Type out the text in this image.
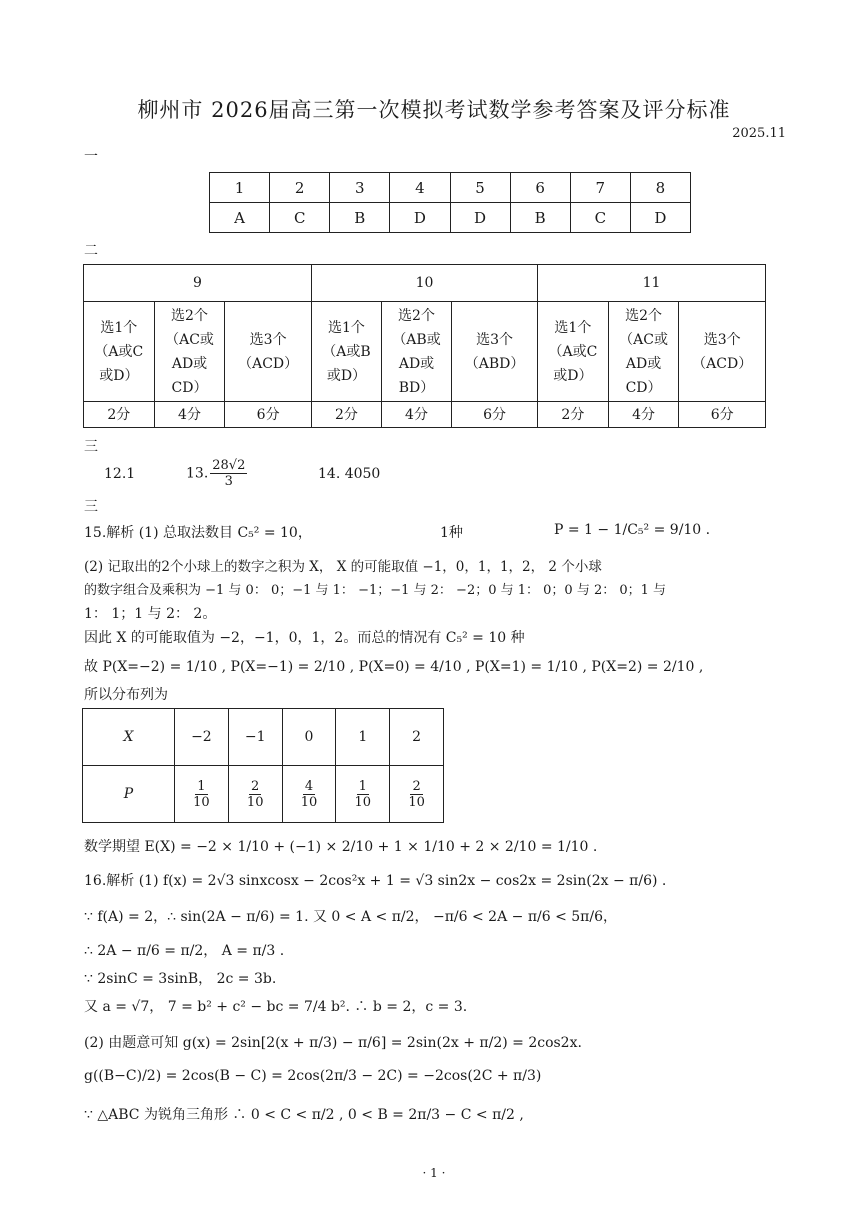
柳州市 2026届高三第一次模拟考试数学参考答案及评分标准
2025.11
一
1	2	3	4	5	6	7	8
A	C	B	D	D	B	C	D
二
9			10			11		
选1个
（A或C
或D）	选2个
（AC或
AD或
CD）	选3个
（ACD）	选1个
（A或B
或D）	选2个
（AB或
AD或
BD）	选3个
（ABD）	选1个
（A或C
或D）	选2个
（AC或
AD或
CD）	选3个
（ACD）
2分	4分	6分	2分	4分	6分	2分	4分	6分
三
12.1	13. $\frac{28√2}{3}$	14. 4050
三
15.解析 (1) 总取法数目 C₅² = 10，	1种	P = 1 − 1/C₅² = 9/10 .
(2) 记取出的2个小球上的数字之积为 X， X 的可能取值 −1，0，1，1，2， 2 个小球
的数字组合及乘积为 −1 与 0： 0；−1 与 1： −1；−1 与 2： −2；0 与 1： 0；0 与 2： 0；1 与
1： 1；1 与 2： 2。
因此 X 的可能取值为 −2，−1，0，1，2。而总的情况有 C₅² = 10 种
故 P(X=−2) = 1/10 , P(X=−1) = 2/10 , P(X=0) = 4/10 , P(X=1) = 1/10 , P(X=2) = 2/10 ,
所以分布列为
X	−2	−1	0	1	2
P	$\frac{1}{10}$	$\frac{2}{10}$	$\frac{4}{10}$	$\frac{1}{10}$	$\frac{2}{10}$
数学期望 E(X) = −2 × 1/10 + (−1) × 2/10 + 1 × 1/10 + 2 × 2/10 = 1/10 .
16.解析 (1) f(x) = 2√3 sinxcosx − 2cos²x + 1 = √3 sin2x − cos2x = 2sin(2x − π/6) .
∵ f(A) = 2，∴ sin(2A − π/6) = 1. 又 0 < A < π/2， −π/6 < 2A − π/6 < 5π/6，
∴ 2A − π/6 = π/2， A = π/3 .
∵ 2sinC = 3sinB， 2c = 3b.
又 a = √7， 7 = b² + c² − bc = 7/4 b². ∴ b = 2，c = 3.
(2) 由题意可知 g(x) = 2sin[2(x + π/3) − π/6] = 2sin(2x + π/2) = 2cos2x.
g((B−C)/2) = 2cos(B − C) = 2cos(2π/3 − 2C) = −2cos(2C + π/3)
∵ △ABC 为锐角三角形 ∴ 0 < C < π/2 , 0 < B = 2π/3 − C < π/2 ,
· 1 ·
